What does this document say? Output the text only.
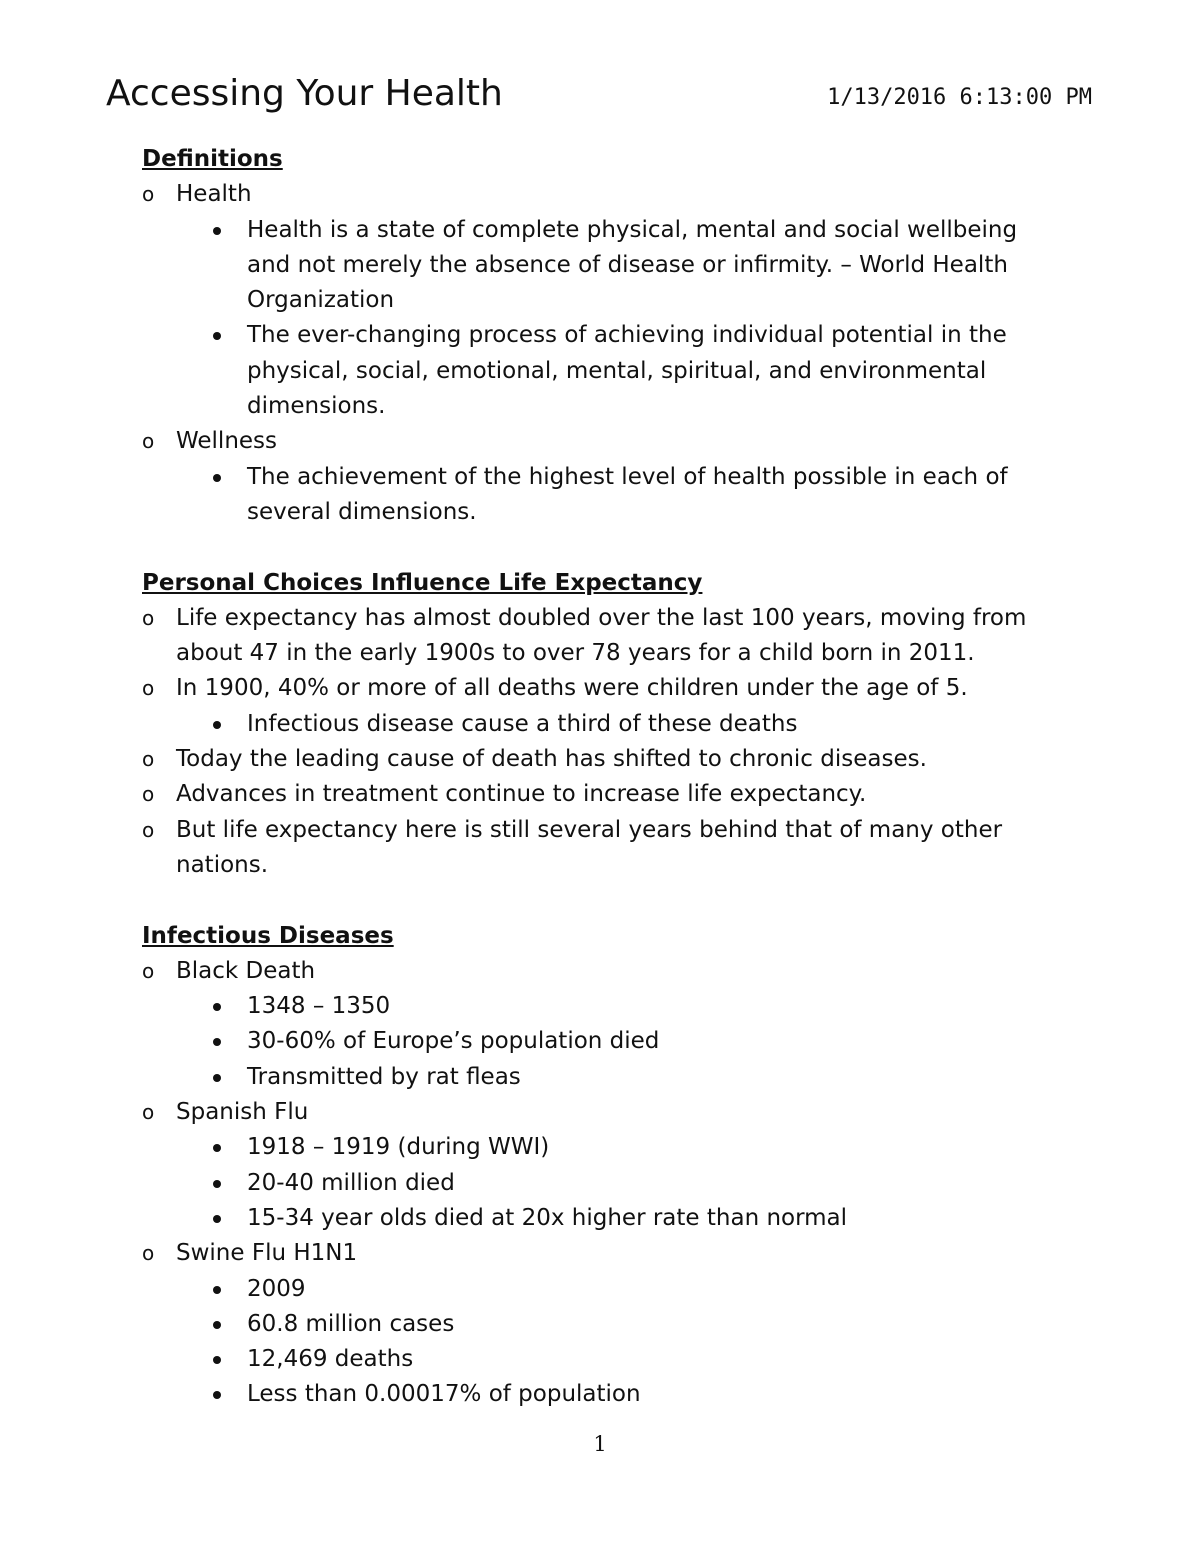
Accessing Your Health	1/13/2016 6:13:00 PM
Definitions
o Health
Health is a state of complete physical, mental and social wellbeing and not merely the absence of disease or infirmity. – World Health Organization
The ever-changing process of achieving individual potential in the physical, social, emotional, mental, spiritual, and environmental dimensions.
o Wellness
The achievement of the highest level of health possible in each of several dimensions.
Personal Choices Influence Life Expectancy
o Life expectancy has almost doubled over the last 100 years, moving from about 47 in the early 1900s to over 78 years for a child born in 2011.
o In 1900, 40% or more of all deaths were children under the age of 5.
Infectious disease cause a third of these deaths
o Today the leading cause of death has shifted to chronic diseases.
o Advances in treatment continue to increase life expectancy.
o But life expectancy here is still several years behind that of many other nations.
Infectious Diseases
o Black Death
1348 – 1350
30-60% of Europe’s population died
Transmitted by rat fleas
o Spanish Flu
1918 – 1919 (during WWI)
20-40 million died
15-34 year olds died at 20x higher rate than normal
o Swine Flu H1N1
2009
60.8 million cases
12,469 deaths
Less than 0.00017% of population
1
